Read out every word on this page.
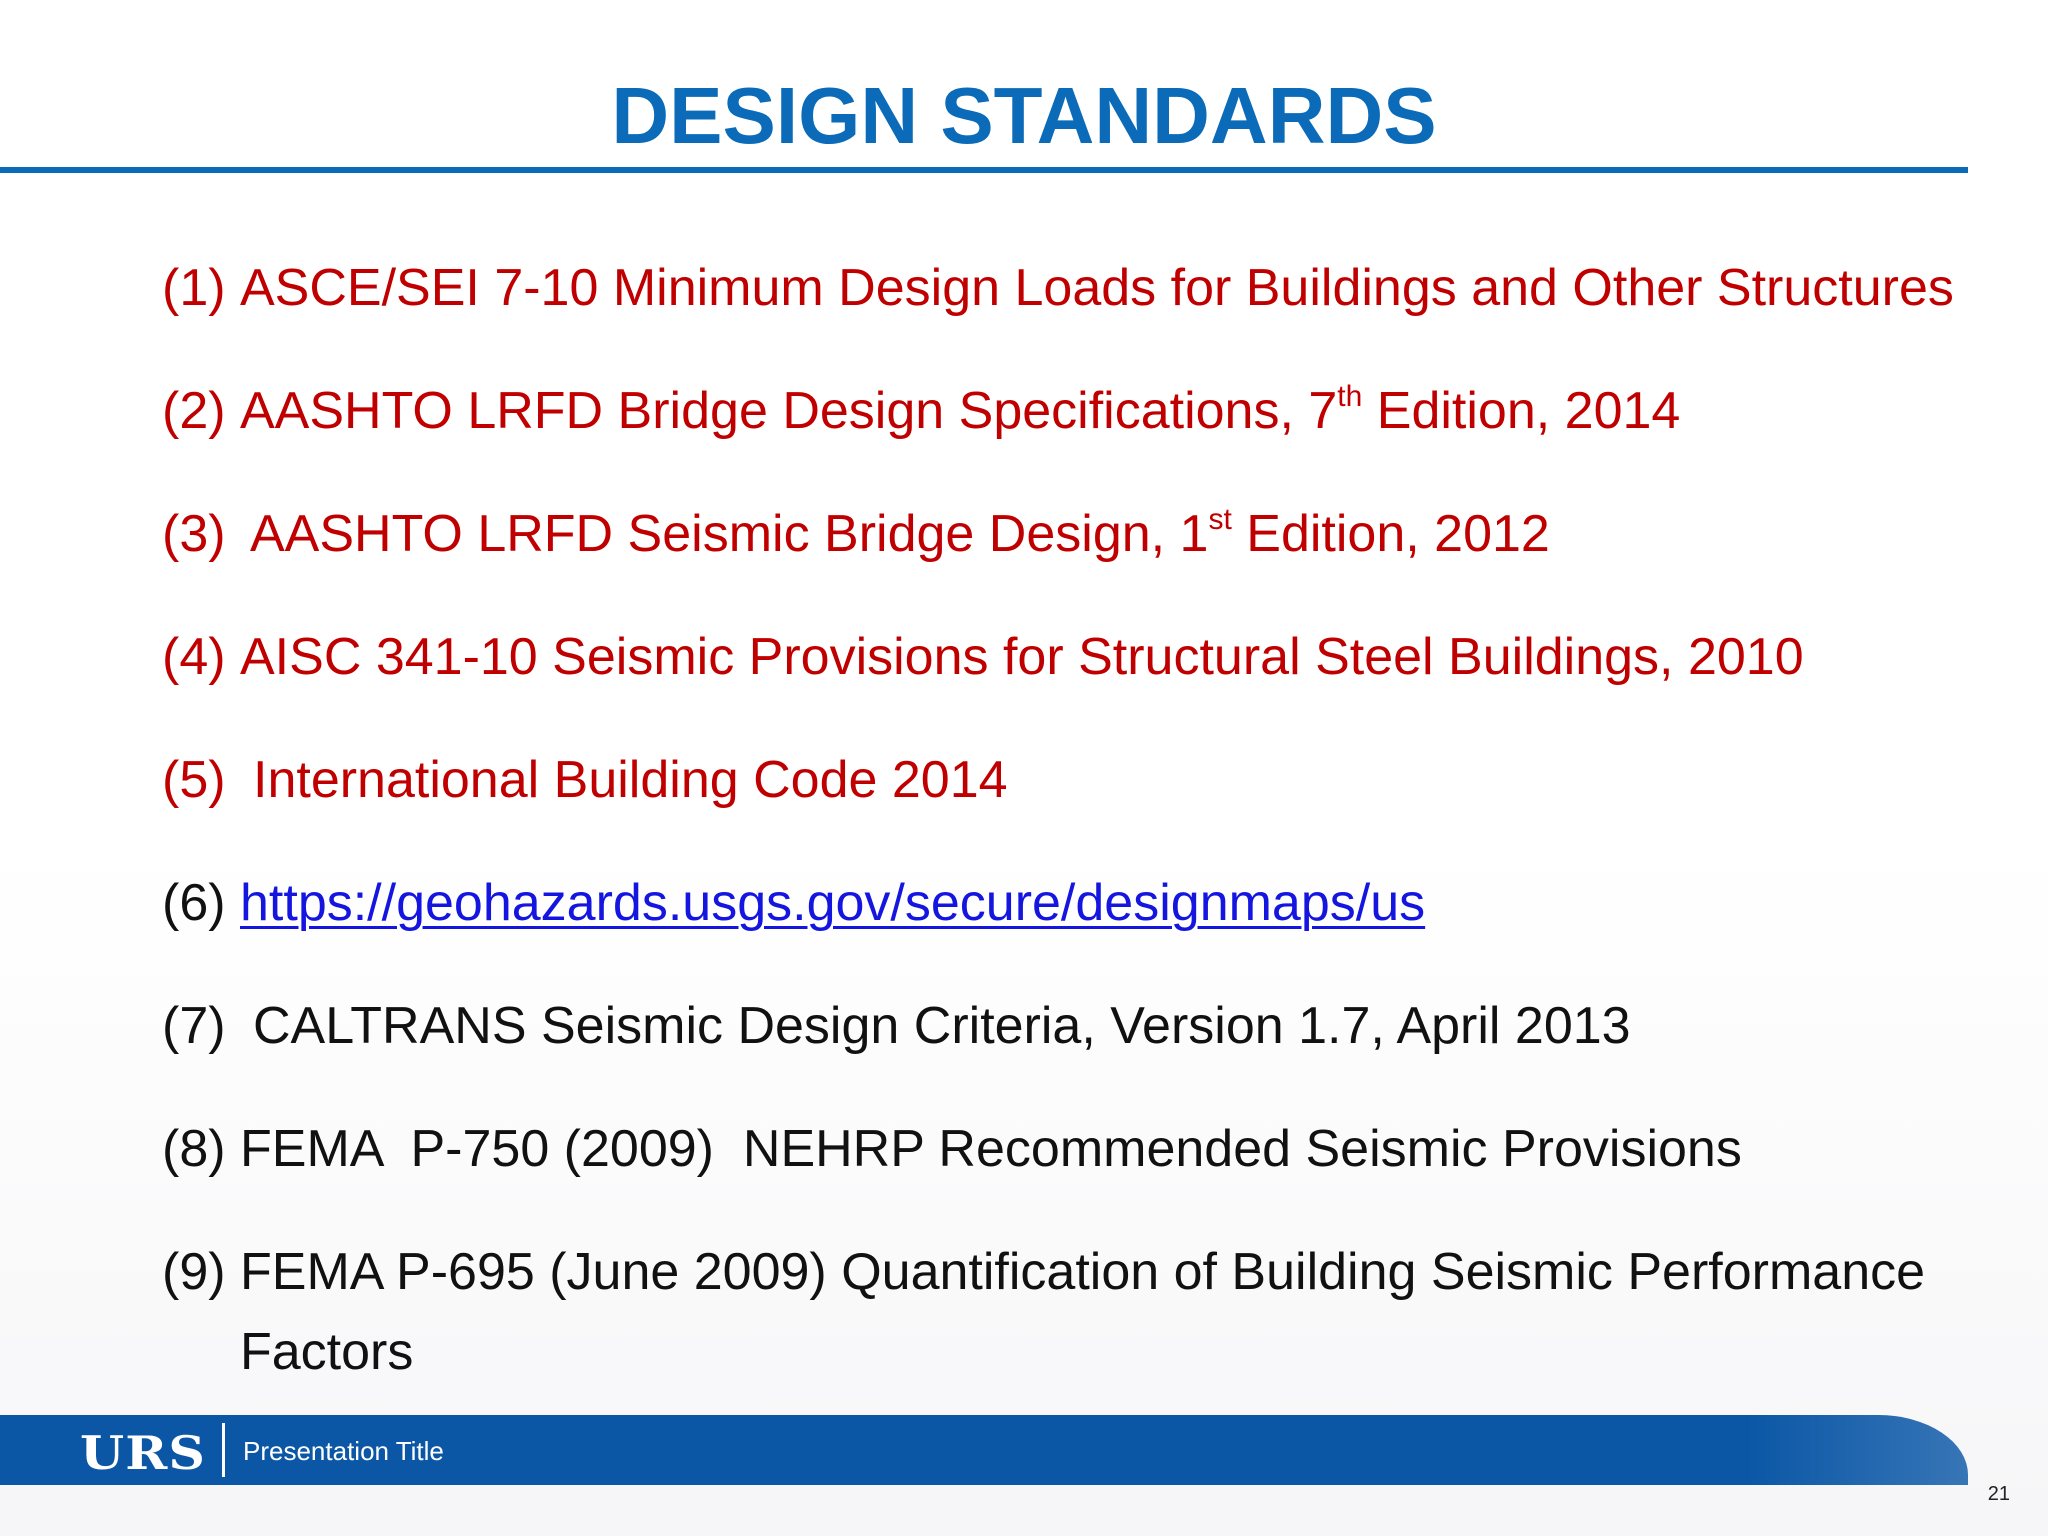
DESIGN STANDARDS
(1) ASCE/SEI 7-10 Minimum Design Loads for Buildings and Other Structures
(2) AASHTO LRFD Bridge Design Specifications, 7th Edition, 2014
(3) AASHTO LRFD Seismic Bridge Design, 1st Edition, 2012
(4) AISC 341-10 Seismic Provisions for Structural Steel Buildings, 2010
(5) International Building Code 2014
(6) https://geohazards.usgs.gov/secure/designmaps/us
(7) CALTRANS Seismic Design Criteria, Version 1.7, April 2013
(8) FEMA  P-750 (2009)  NEHRP Recommended Seismic Provisions
(9) FEMA P-695 (June 2009) Quantification of Building Seismic Performance
Factors
URS Presentation Title
21
